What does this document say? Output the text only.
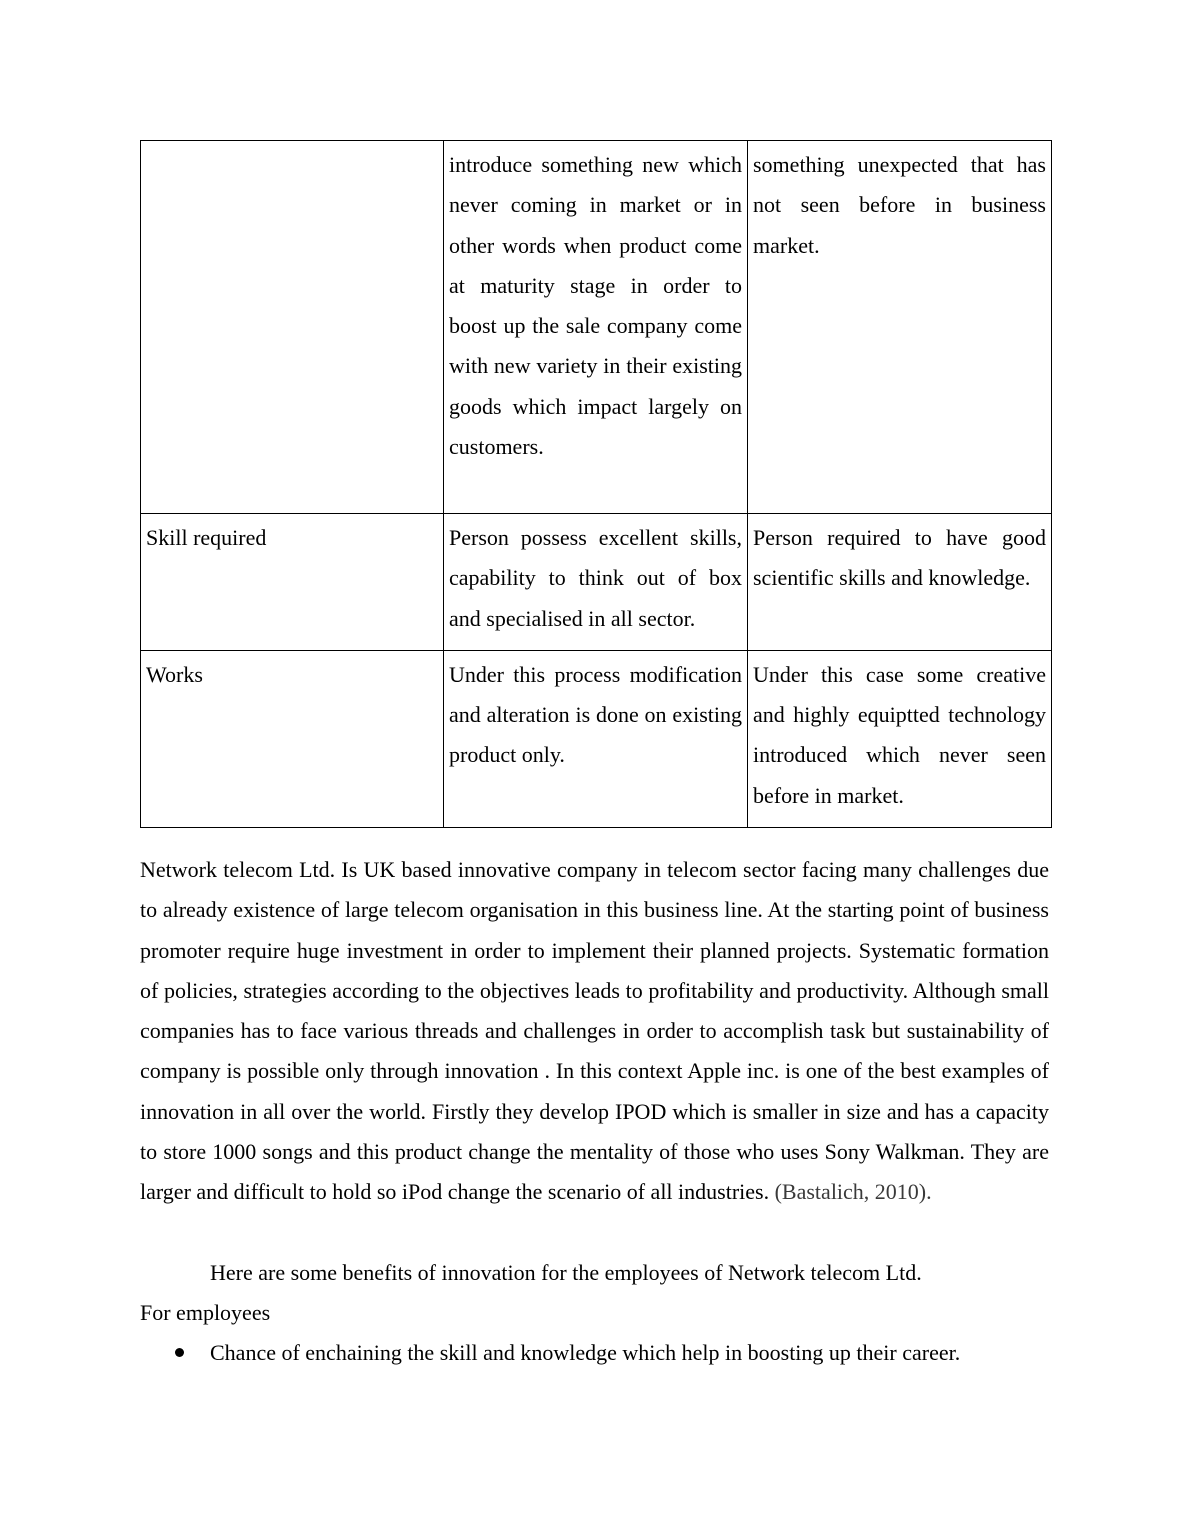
	introduce something new which never coming in market or in other words when product come at maturity stage in order to boost up the sale company come with new variety in their existing goods which impact largely on customers.	something unexpected that has not seen before in business market.
Skill required	Person possess excellent skills, capability to think out of box and specialised in all sector.	Person required to have good scientific skills and knowledge.
Works	Under this process modification and alteration is done on existing product only.	Under this case some creative and highly equiptted technology introduced which never seen before in market.

Network telecom Ltd. Is UK based innovative company in telecom sector facing many challenges due to already existence of large telecom organisation in this business line. At the starting point of business promoter require huge investment in order to implement their planned projects. Systematic formation of policies, strategies according to the objectives leads to profitability and productivity. Although small companies has to face various threads and challenges in order to accomplish task but sustainability of company is possible only through innovation . In this context Apple inc. is one of the best examples of innovation in all over the world. Firstly they develop IPOD which is smaller in size and has a capacity to store 1000 songs and this product change the mentality of those who uses Sony Walkman. They are larger and difficult to hold so iPod change the scenario of all industries. (Bastalich, 2010).

Here are some benefits of innovation for the employees of Network telecom Ltd.

For employees

Chance of enchaining the skill and knowledge which help in boosting up their career.
